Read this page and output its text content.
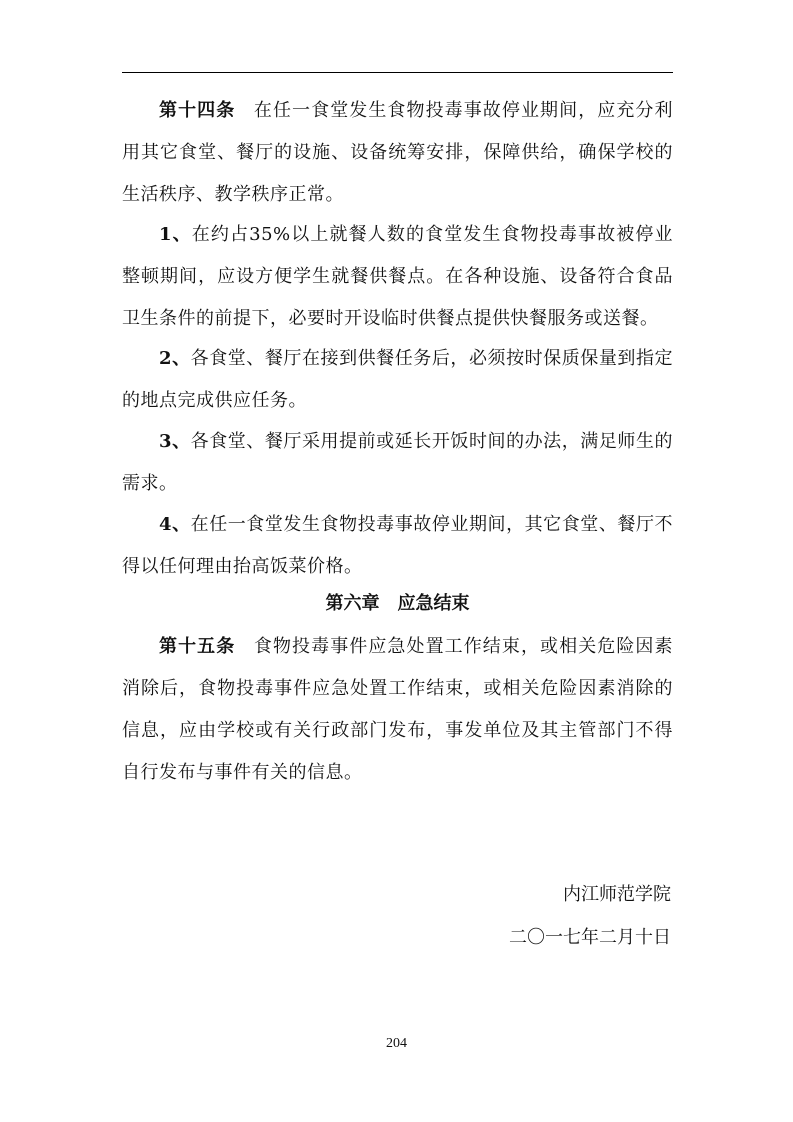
第十四条 在任一食堂发生食物投毒事故停业期间，应充分利用其它食堂、餐厅的设施、设备统筹安排，保障供给，确保学校的生活秩序、教学秩序正常。
1、在约占35%以上就餐人数的食堂发生食物投毒事故被停业整顿期间，应设方便学生就餐供餐点。在各种设施、设备符合食品卫生条件的前提下，必要时开设临时供餐点提供快餐服务或送餐。
2、各食堂、餐厅在接到供餐任务后，必须按时保质保量到指定的地点完成供应任务。
3、各食堂、餐厅采用提前或延长开饭时间的办法，满足师生的需求。
4、在任一食堂发生食物投毒事故停业期间，其它食堂、餐厅不得以任何理由抬高饭菜价格。
第六章　应急结束
第十五条 食物投毒事件应急处置工作结束，或相关危险因素消除后，食物投毒事件应急处置工作结束，或相关危险因素消除的信息，应由学校或有关行政部门发布，事发单位及其主管部门不得自行发布与事件有关的信息。
内江师范学院
二〇一七年二月十日
204
